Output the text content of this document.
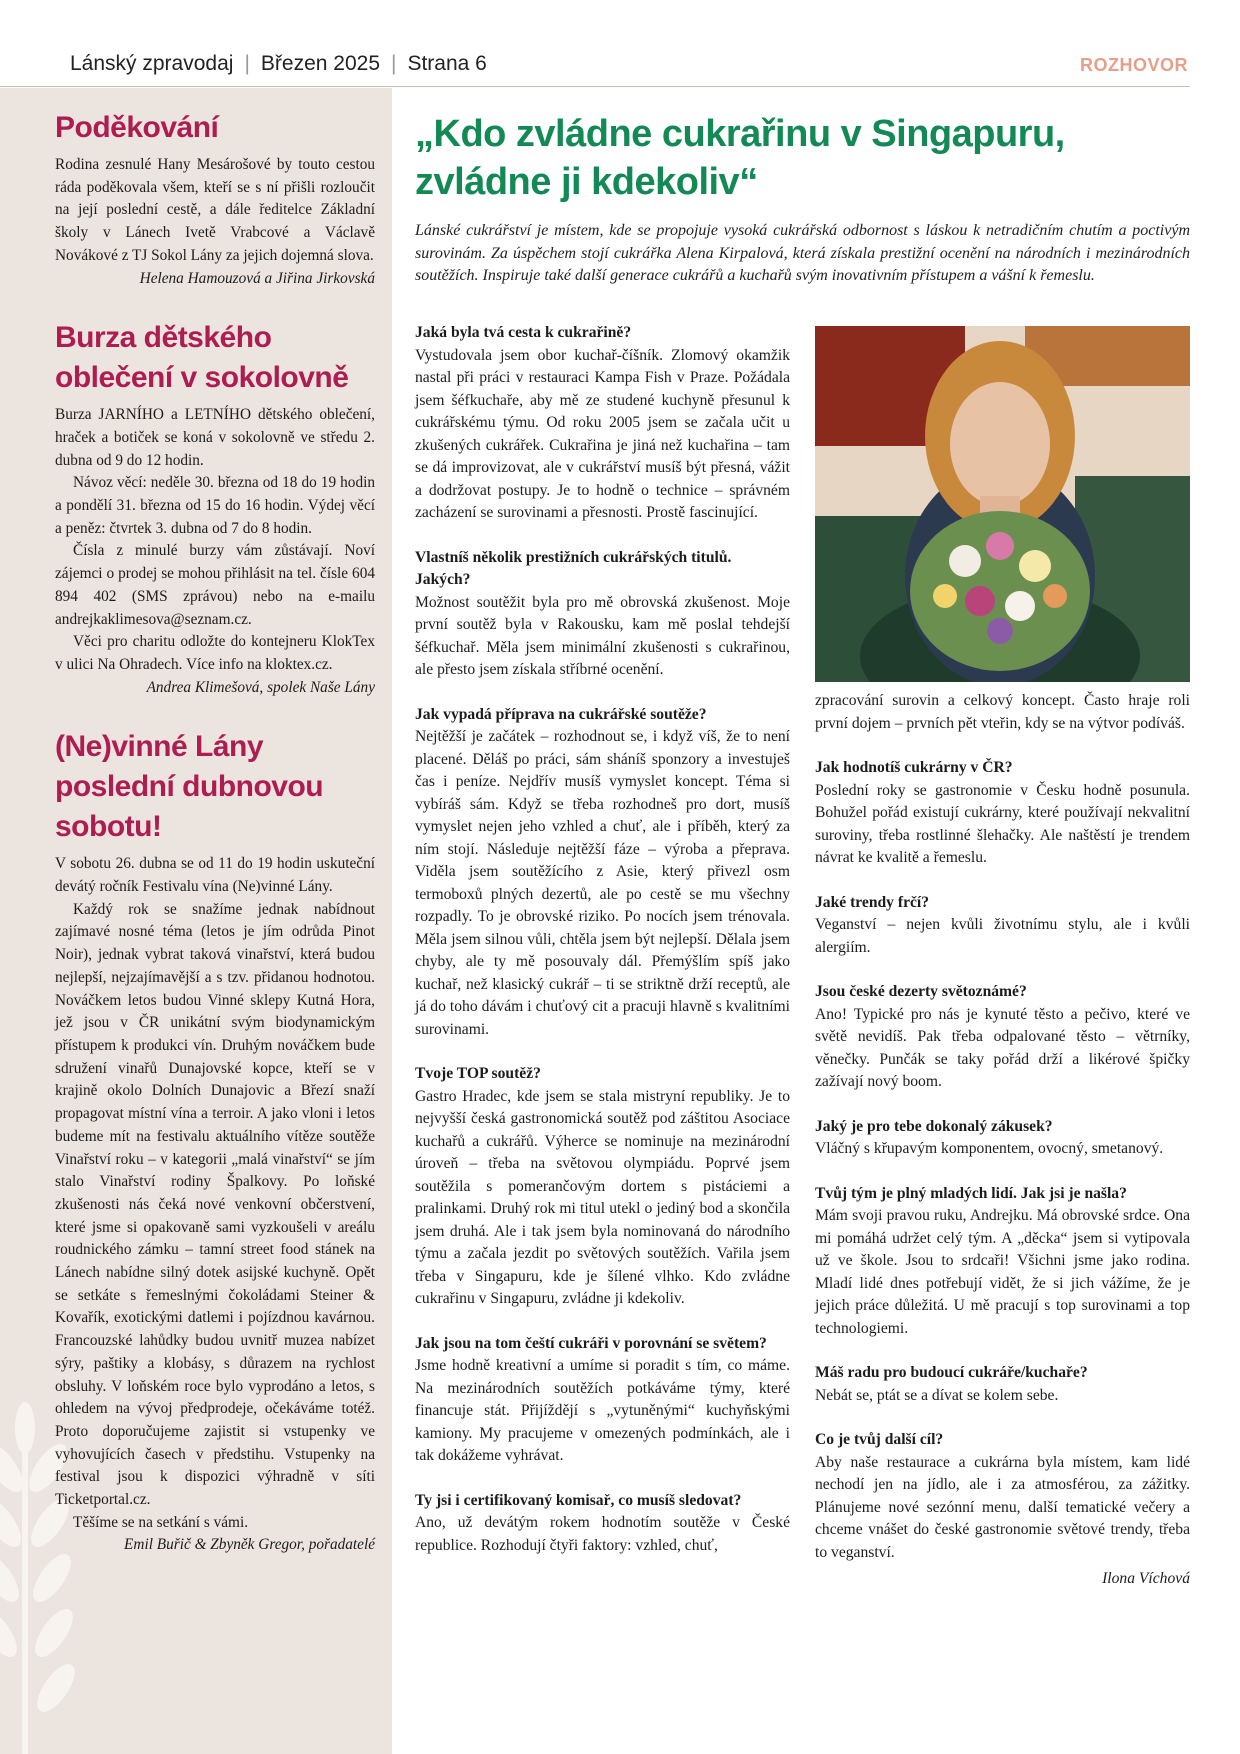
Lánský zpravodaj | Březen 2025 | Strana 6	ROZHOVOR
Poděkování

Rodina zesnulé Hany Mesárošové by touto cestou ráda poděkovala všem, kteří se s ní přišli rozloučit na její poslední cestě, a dále ředitelce Základní školy v Lánech Ivetě Vrabcové a Václavě Novákové z TJ Sokol Lány za jejich dojemná slova.

Helena Hamouzová a Jiřina Jirkovská

Burza dětského oblečení v sokolovně

Burza JARNÍHO a LETNÍHO dětského oblečení, hraček a botiček se koná v sokolovně ve středu 2. dubna od 9 do 12 hodin.

Návoz věcí: neděle 30. března od 18 do 19 hodin a pondělí 31. března od 15 do 16 hodin. Výdej věcí a peněz: čtvrtek 3. dubna od 7 do 8 hodin.

Čísla z minulé burzy vám zůstávají. Noví zájemci o prodej se mohou přihlásit na tel. čísle 604 894 402 (SMS zprávou) nebo na e-mailu andrejkaklimesova@seznam.cz.

Věci pro charitu odložte do kontejneru KlokTex v ulici Na Ohradech. Více info na kloktex.cz.

Andrea Klimešová, spolek Naše Lány

(Ne)vinné Lány poslední dubnovou sobotu!

V sobotu 26. dubna se od 11 do 19 hodin uskuteční devátý ročník Festivalu vína (Ne)vinné Lány.

Každý rok se snažíme jednak nabídnout zajímavé nosné téma (letos je jím odrůda Pinot Noir), jednak vybrat taková vinařství, která budou nejlepší, nejzajímavější a s tzv. přidanou hodnotou. Nováčkem letos budou Vinné sklepy Kutná Hora, jež jsou v ČR unikátní svým biodynamickým přístupem k produkci vín. Druhým nováčkem bude sdružení vinařů Dunajovské kopce, kteří se v krajině okolo Dolních Dunajovic a Březí snaží propagovat místní vína a terroir. A jako vloni i letos budeme mít na festivalu aktuálního vítěze soutěže Vinařství roku – v kategorii „malá vinařství“ se jím stalo Vinařství rodiny Špalkovy. Po loňské zkušenosti nás čeká nové venkovní občerstvení, které jsme si opakovaně sami vyzkoušeli v areálu roudnického zámku – tamní street food stánek na Lánech nabídne silný dotek asijské kuchyně. Opět se setkáte s řemeslnými čokoládami Steiner & Kovařík, exotickými datlemi i pojízdnou kavárnou. Francouzské lahůdky budou uvnitř muzea nabízet sýry, paštiky a klobásy, s důrazem na rychlost obsluhy. V loňském roce bylo vyprodáno a letos, s ohledem na vývoj předprodeje, očekáváme totéž. Proto doporučujeme zajistit si vstupenky ve vyhovujících časech v předstihu. Vstupenky na festival jsou k dispozici výhradně v síti Ticketportal.cz.

Těšíme se na setkání s vámi.

Emil Buřič & Zbyněk Gregor, pořadatelé

„Kdo zvládne cukrařinu v Singapuru, zvládne ji kdekoliv“

Lánské cukrářství je místem, kde se propojuje vysoká cukrářská odbornost s láskou k netradičním chutím a poctivým surovinám. Za úspěchem stojí cukrářka Alena Kirpalová, která získala prestižní ocenění na národních i mezinárodních soutěžích. Inspiruje také další generace cukrářů a kuchařů svým inovativním přístupem a vášní k řemeslu.

Jaká byla tvá cesta k cukrařině?

Vystudovala jsem obor kuchař-číšník. Zlomový okamžik nastal při práci v restauraci Kampa Fish v Praze. Požádala jsem šéfkuchaře, aby mě ze studené kuchyně přesunul k cukrářskému týmu. Od roku 2005 jsem se začala učit u zkušených cukrářek. Cukrařina je jiná než kuchařina – tam se dá improvizovat, ale v cukrářství musíš být přesná, vážit a dodržovat postupy. Je to hodně o technice – správném zacházení se surovinami a přesnosti. Prostě fascinující.

Vlastníš několik prestižních cukrářských titulů. Jakých?

Možnost soutěžit byla pro mě obrovská zkušenost. Moje první soutěž byla v Rakousku, kam mě poslal tehdejší šéfkuchař. Měla jsem minimální zkušenosti s cukrařinou, ale přesto jsem získala stříbrné ocenění.

Jak vypadá příprava na cukrářské soutěže?

Nejtěžší je začátek – rozhodnout se, i když víš, že to není placené. Děláš po práci, sám sháníš sponzory a investuješ čas i peníze. Nejdřív musíš vymyslet koncept. Téma si vybíráš sám. Když se třeba rozhodneš pro dort, musíš vymyslet nejen jeho vzhled a chuť, ale i příběh, který za ním stojí. Následuje nejtěžší fáze – výroba a přeprava. Viděla jsem soutěžícího z Asie, který přivezl osm termoboxů plných dezertů, ale po cestě se mu všechny rozpadly. To je obrovské riziko. Po nocích jsem trénovala. Měla jsem silnou vůli, chtěla jsem být nejlepší. Dělala jsem chyby, ale ty mě posouvaly dál. Přemýšlím spíš jako kuchař, než klasický cukrář – ti se striktně drží receptů, ale já do toho dávám i chuťový cit a pracuji hlavně s kvalitními surovinami.

Tvoje TOP soutěž?

Gastro Hradec, kde jsem se stala mistryní republiky. Je to nejvyšší česká gastronomická soutěž pod záštitou Asociace kuchařů a cukrářů. Výherce se nominuje na mezinárodní úroveň – třeba na světovou olympiádu. Poprvé jsem soutěžila s pomerančovým dortem s pistáciemi a pralinkami. Druhý rok mi titul utekl o jediný bod a skončila jsem druhá. Ale i tak jsem byla nominovaná do národního týmu a začala jezdit po světových soutěžích. Vařila jsem třeba v Singapuru, kde je šílené vlhko. Kdo zvládne cukrařinu v Singapuru, zvládne ji kdekoliv.

Jak jsou na tom čeští cukráři v porovnání se světem?

Jsme hodně kreativní a umíme si poradit s tím, co máme. Na mezinárodních soutěžích potkáváme týmy, které financuje stát. Přijíždějí s „vytuněnými“ kuchyňskými kamiony. My pracujeme v omezených podmínkách, ale i tak dokážeme vyhrávat.

Ty jsi i certifikovaný komisař, co musíš sledovat?

Ano, už devátým rokem hodnotím soutěže v České republice. Rozhodují čtyři faktory: vzhled, chuť,

zpracování surovin a celkový koncept. Často hraje roli první dojem – prvních pět vteřin, kdy se na výtvor podíváš.

Jak hodnotíš cukrárny v ČR?

Poslední roky se gastronomie v Česku hodně posunula. Bohužel pořád existují cukrárny, které používají nekvalitní suroviny, třeba rostlinné šlehačky. Ale naštěstí je trendem návrat ke kvalitě a řemeslu.

Jaké trendy frčí?

Veganství – nejen kvůli životnímu stylu, ale i kvůli alergiím.

Jsou české dezerty světoznámé?

Ano! Typické pro nás je kynuté těsto a pečivo, které ve světě nevidíš. Pak třeba odpalované těsto – větrníky, věnečky. Punčák se taky pořád drží a likérové špičky zažívají nový boom.

Jaký je pro tebe dokonalý zákusek?

Vláčný s křupavým komponentem, ovocný, smetanový.

Tvůj tým je plný mladých lidí. Jak jsi je našla?

Mám svoji pravou ruku, Andrejku. Má obrovské srdce. Ona mi pomáhá udržet celý tým. A „děcka“ jsem si vytipovala už ve škole. Jsou to srdcaři! Všichni jsme jako rodina. Mladí lidé dnes potřebují vidět, že si jich vážíme, že je jejich práce důležitá. U mě pracují s top surovinami a top technologiemi.

Máš radu pro budoucí cukráře/kuchaře?

Nebát se, ptát se a dívat se kolem sebe.

Co je tvůj další cíl?

Aby naše restaurace a cukrárna byla místem, kam lidé nechodí jen na jídlo, ale i za atmosférou, za zážitky. Plánujeme nové sezónní menu, další tematické večery a chceme vnášet do české gastronomie světové trendy, třeba to veganství.

Ilona Víchová
